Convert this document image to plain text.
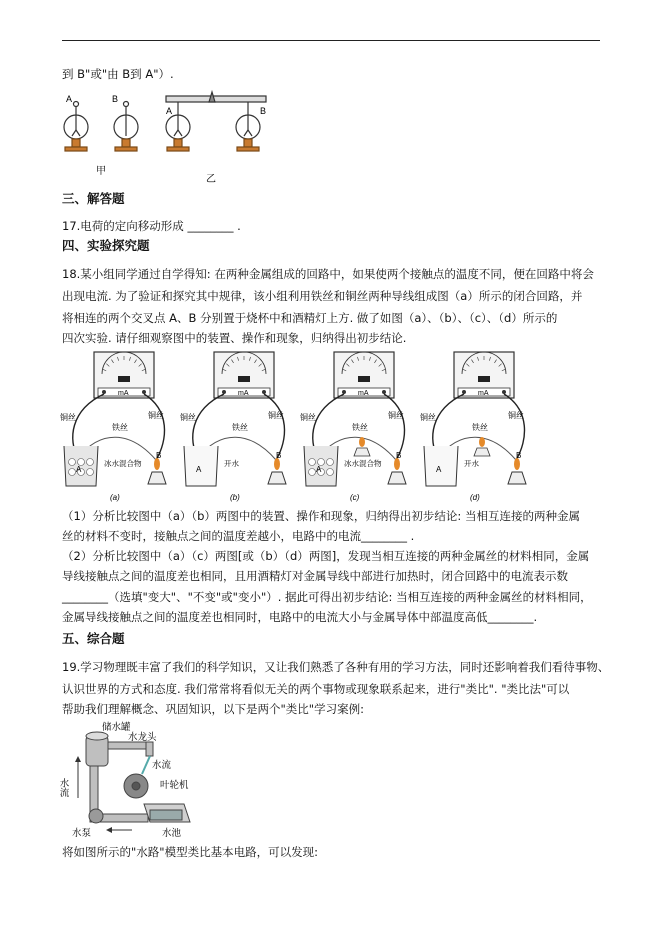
到 B"或"由 B到 A"）.
A	B
A	B
甲
乙
三、解答题
17.电荷的定向移动形成 ________ .
四、实验探究题
18.某小组同学通过自学得知: 在两种金属组成的回路中，如果使两个接触点的温度不同，便在回路中将会
出现电流. 为了验证和探究其中规律，该小组利用铁丝和铜丝两种导线组成图（a）所示的闭合回路，并
将相连的两个交叉点 A、B 分别置于烧杯中和酒精灯上方. 做了如图（a）、（b）、（c）、（d）所示的
四次实验. 请仔细观察图中的装置、操作和现象，归纳得出初步结论.
mA
铜丝	铜丝
铁丝
A
冰水混合物
B
(a)
mA
铜丝	铜丝
铁丝
A
开水
B
(b)
mA
铜丝	铜丝
铁丝
A
冰水混合物
B
(c)
mA
铜丝	铜丝
铁丝
A
开水
B
(d)
（1）分析比较图中（a）（b）两图中的装置、操作和现象，归纳得出初步结论: 当相互连接的两种金属
丝的材料不变时，接触点之间的温度差越小，电路中的电流________ .
（2）分析比较图中（a）（c）两图[或（b）（d）两图]，发现当相互连接的两种金属丝的材料相同，金属
导线接触点之间的温度差也相同，且用酒精灯对金属导线中部进行加热时，闭合回路中的电流表示数
________（选填"变大"、"不变"或"变小"）. 据此可得出初步结论: 当相互连接的两种金属丝的材料相同，
金属导线接触点之间的温度差也相同时，电路中的电流大小与金属导体中部温度高低________.
五、综合题
19.学习物理既丰富了我们的科学知识，又让我们熟悉了各种有用的学习方法，同时还影响着我们看待事物、
认识世界的方式和态度. 我们常常将看似无关的两个事物或现象联系起来，进行"类比". "类比法"可以
帮助我们理解概念、巩固知识，以下是两个"类比"学习案例:
储水罐
水龙头
水流
叶轮机
水流
水泵	水池
将如图所示的"水路"模型类比基本电路，可以发现:
